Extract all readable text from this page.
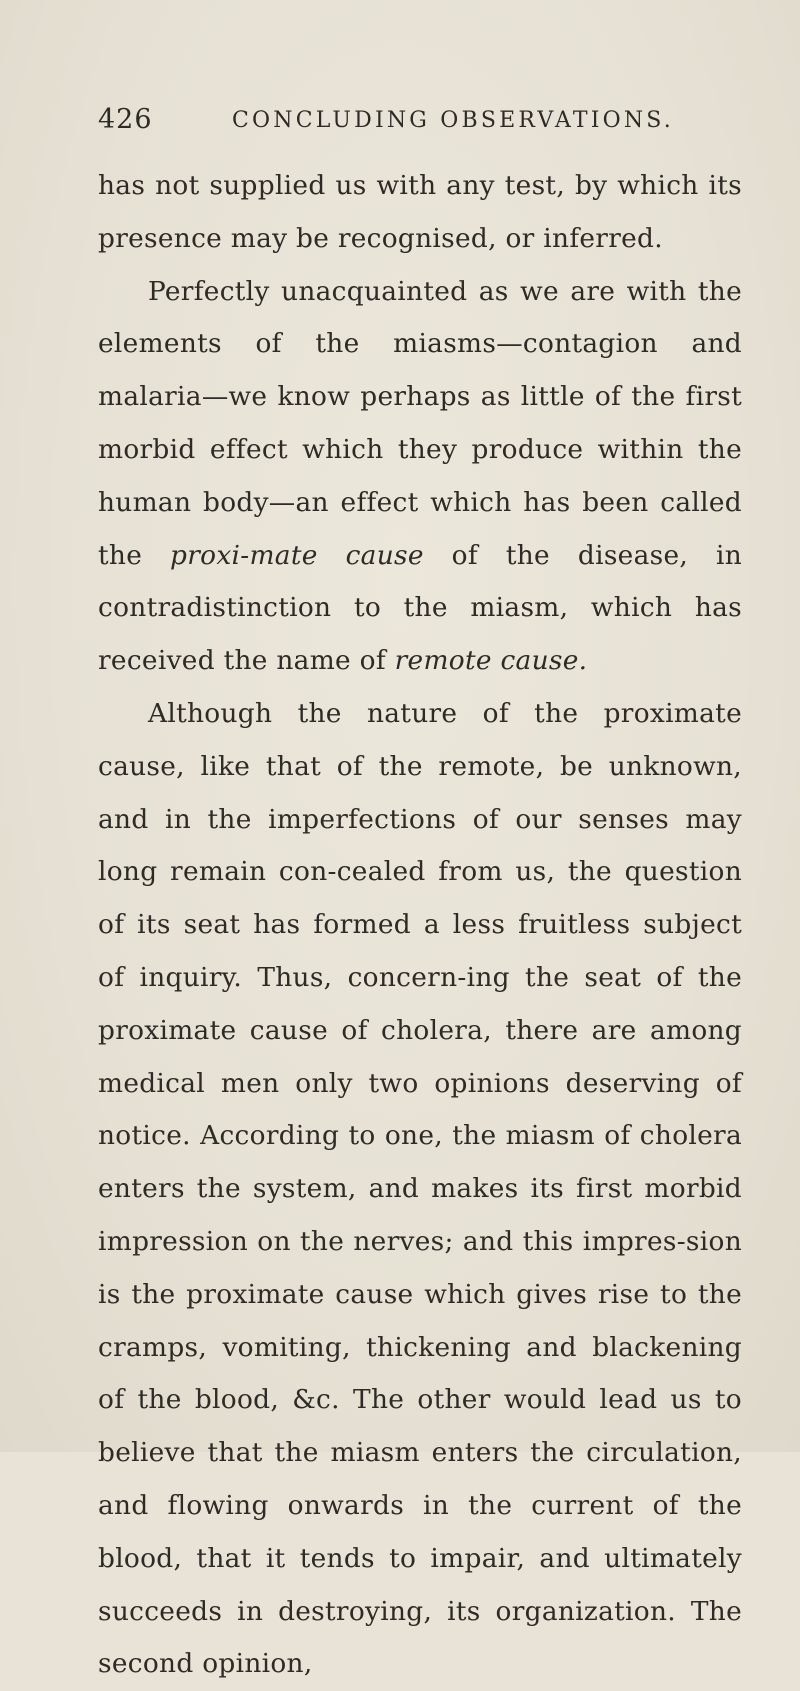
426	CONCLUDING OBSERVATIONS.

has not supplied us with any test, by which its presence may be recognised, or inferred.

Perfectly unacquainted as we are with the elements of the miasms—contagion and malaria—we know perhaps as little of the first morbid effect which they produce within the human body—an effect which has been called the proxi-mate cause of the disease, in contradistinction to the miasm, which has received the name of remote cause.

Although the nature of the proximate cause, like that of the remote, be unknown, and in the imperfections of our senses may long remain con-cealed from us, the question of its seat has formed a less fruitless subject of inquiry. Thus, concern-ing the seat of the proximate cause of cholera, there are among medical men only two opinions deserving of notice. According to one, the miasm of cholera enters the system, and makes its first morbid impression on the nerves; and this impres-sion is the proximate cause which gives rise to the cramps, vomiting, thickening and blackening of the blood, &c. The other would lead us to believe that the miasm enters the circulation, and flowing onwards in the current of the blood, that it tends to impair, and ultimately succeeds in destroying, its organization. The second opinion,
